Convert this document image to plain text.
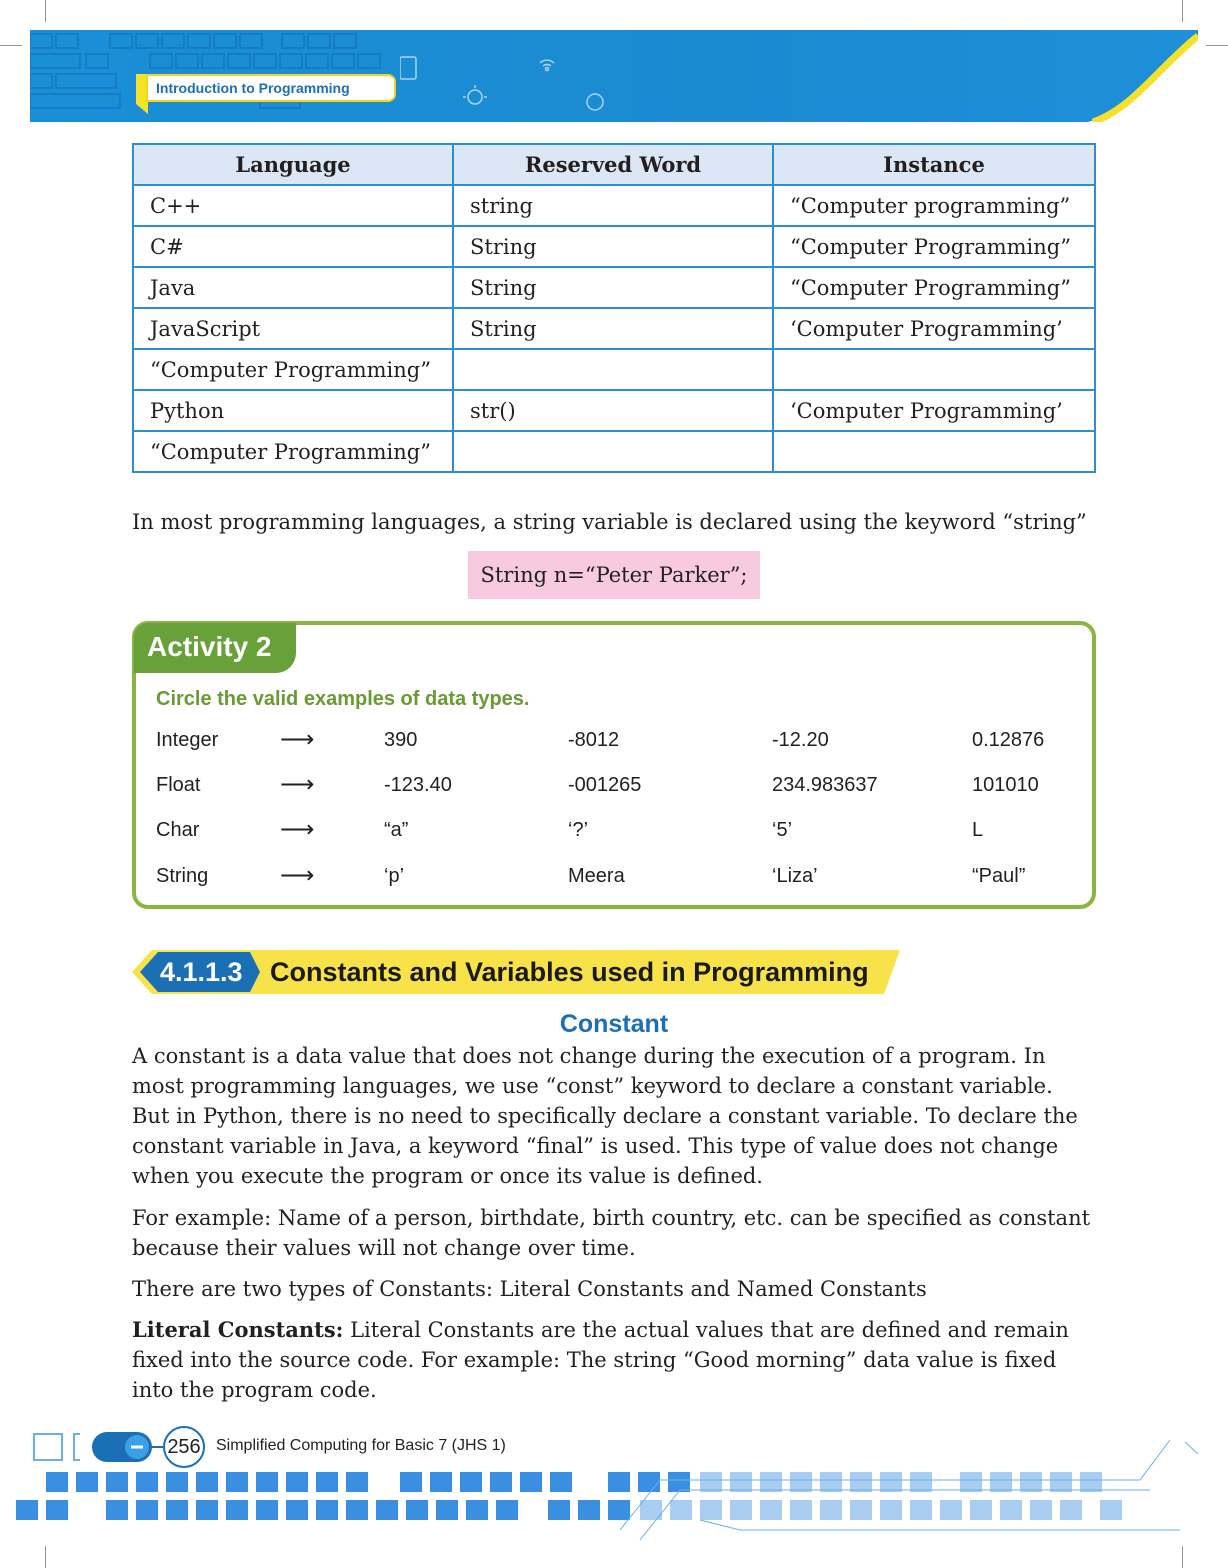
Introduction to Programming
Language	Reserved Word	Instance
C++	string	“Computer programming”
C#	String	“Computer Programming”
Java	String	“Computer Programming”
JavaScript	String	‘Computer Programming’
“Computer Programming”		
Python	str()	‘Computer Programming’
“Computer Programming”		
In most programming languages, a string variable is declared using the keyword “string”
String n=“Peter Parker”;
Activity 2
Circle the valid examples of data types.
Integer	⟶	390	-8012	-12.20	0.12876
Float	⟶	-123.40	-001265	234.983637	101010
Char	⟶	“a”	‘?’	‘5’	L
String	⟶	‘p’	Meera	‘Liza’	“Paul”
4.1.1.3 Constants and Variables used in Programming
Constant
A constant is a data value that does not change during the execution of a program. In most programming languages, we use “const” keyword to declare a constant variable. But in Python, there is no need to specifically declare a constant variable. To declare the constant variable in Java, a keyword “final” is used. This type of value does not change when you execute the program or once its value is defined.
For example: Name of a person, birthdate, birth country, etc. can be specified as constant because their values will not change over time.
There are two types of Constants: Literal Constants and Named Constants
Literal Constants: Literal Constants are the actual values that are defined and remain fixed into the source code. For example: The string “Good morning” data value is fixed into the program code.
256 Simplified Computing for Basic 7 (JHS 1)
